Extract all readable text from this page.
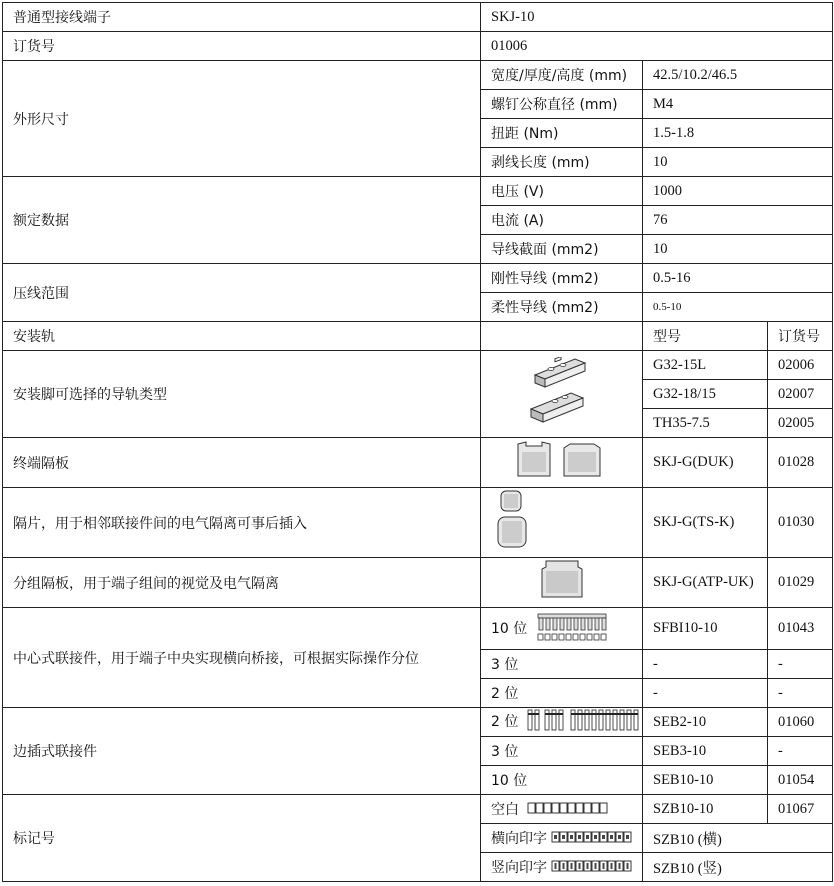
普通型接线端子	SKJ-10		
订货号	01006		
外形尺寸	宽度/厚度/高度 (mm)	42.5/10.2/46.5	
	螺钉公称直径 (mm)	M4	
	扭距 (Nm)	1.5-1.8	
	剥线长度 (mm)	10	
额定数据	电压 (V)	1000	
	电流 (A)	76	
	导线截面 (mm2)	10	
压线范围	刚性导线 (mm2)	0.5-16	
	柔性导线 (mm2)	0.5-10	
安装轨		型号	订货号
安装脚可选择的导轨类型		G32-15L	02006
		G32-18/15	02007
		TH35-7.5	02005
终端隔板		SKJ-G(DUK)	01028
隔片，用于相邻联接件间的电气隔离可事后插入		SKJ-G(TS-K)	01030
分组隔板，用于端子组间的视觉及电气隔离		SKJ-G(ATP-UK)	01029
中心式联接件，用于端子中央实现横向桥接，可根据实际操作分位	10 位	SFBI10-10	01043
	3 位	-	-
	2 位	-	-
边插式联接件	2 位	SEB2-10	01060
	3 位	SEB3-10	-
	10 位	SEB10-10	01054
标记号	空白	SZB10-10	01067
	横向印字	SZB10 (横)	
	竖向印字	SZB10 (竖)	
